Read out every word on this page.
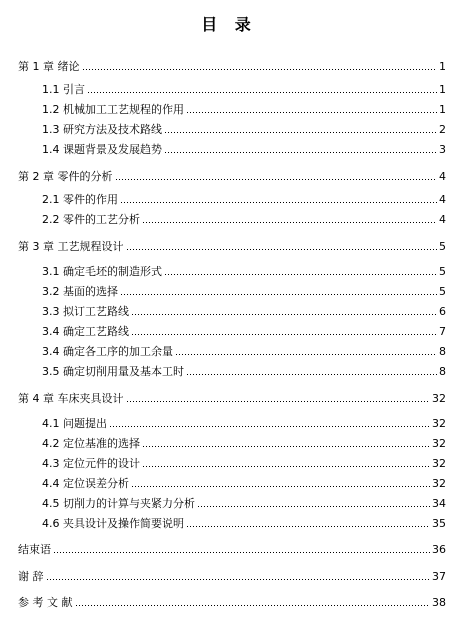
目 录
第 1 章 绪论	1
1.1 引言	1
1.2 机械加工工艺规程的作用	1
1.3 研究方法及技术路线	2
1.4 课题背景及发展趋势	3
第 2 章 零件的分析	4
2.1 零件的作用	4
2.2 零件的工艺分析	4
第 3 章 工艺规程设计	5
3.1 确定毛坯的制造形式	5
3.2 基面的选择	5
3.3 拟订工艺路线	6
3.4 确定工艺路线	7
3.4 确定各工序的加工余量	8
3.5 确定切削用量及基本工时	8
第 4 章 车床夹具设计	32
4.1 问题提出	32
4.2 定位基准的选择	32
4.3 定位元件的设计	32
4.4 定位误差分析	32
4.5 切削力的计算与夹紧力分析	34
4.6 夹具设计及操作简要说明	35
结束语	36
谢 辞	37
参 考 文 献	38
